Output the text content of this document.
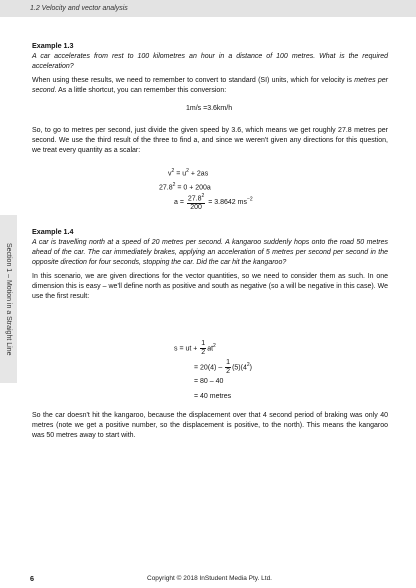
1.2 Velocity and vector analysis
Section 1 – Motion in a Straight Line
Example 1.3

A car accelerates from rest to 100 kilometres an hour in a distance of 100 metres. What is the required acceleration?

When using these results, we need to remember to convert to standard (SI) units, which for velocity is metres per second. As a little shortcut, you can remember this conversion:

1m/s =3.6km/h

So, to go to metres per second, just divide the given speed by 3.6, which means we get roughly 27.8 metres per second. We use the third result of the three to find a, and since we weren't given any directions for this question, we treat every quantity as a scalar:

$v^2 = u^2 + 2as$
$27.8^2 = 0 + 200a$
$a = \frac{27.8^2}{200} = 3.8642$ $ms^{-2}$
Example 1.4

A car is travelling north at a speed of 20 metres per second. A kangaroo suddenly hops onto the road 50 metres ahead of the car. The car immediately brakes, applying an acceleration of 5 metres per second per second in the opposite direction for four seconds, stopping the car. Did the car hit the kangaroo?

In this scenario, we are given directions for the vector quantities, so we need to consider them as such. In one dimension this is easy – we'll define north as positive and south as negative (so a will be negative in this case). We use the first result:

s = ut + $\frac{1}{2} at^2$
= $20(4) - \frac{1}{2} (5)(4^2)$
= 80 – 40
= 40 metres

So the car doesn't hit the kangaroo, because the displacement over that 4 second period of braking was only 40 metres (note we get a positive number, so the displacement is positive, to the north). This means the kangaroo was 50 metres away to start with.

6	Copyright © 2018 InStudent Media Pty. Ltd.
